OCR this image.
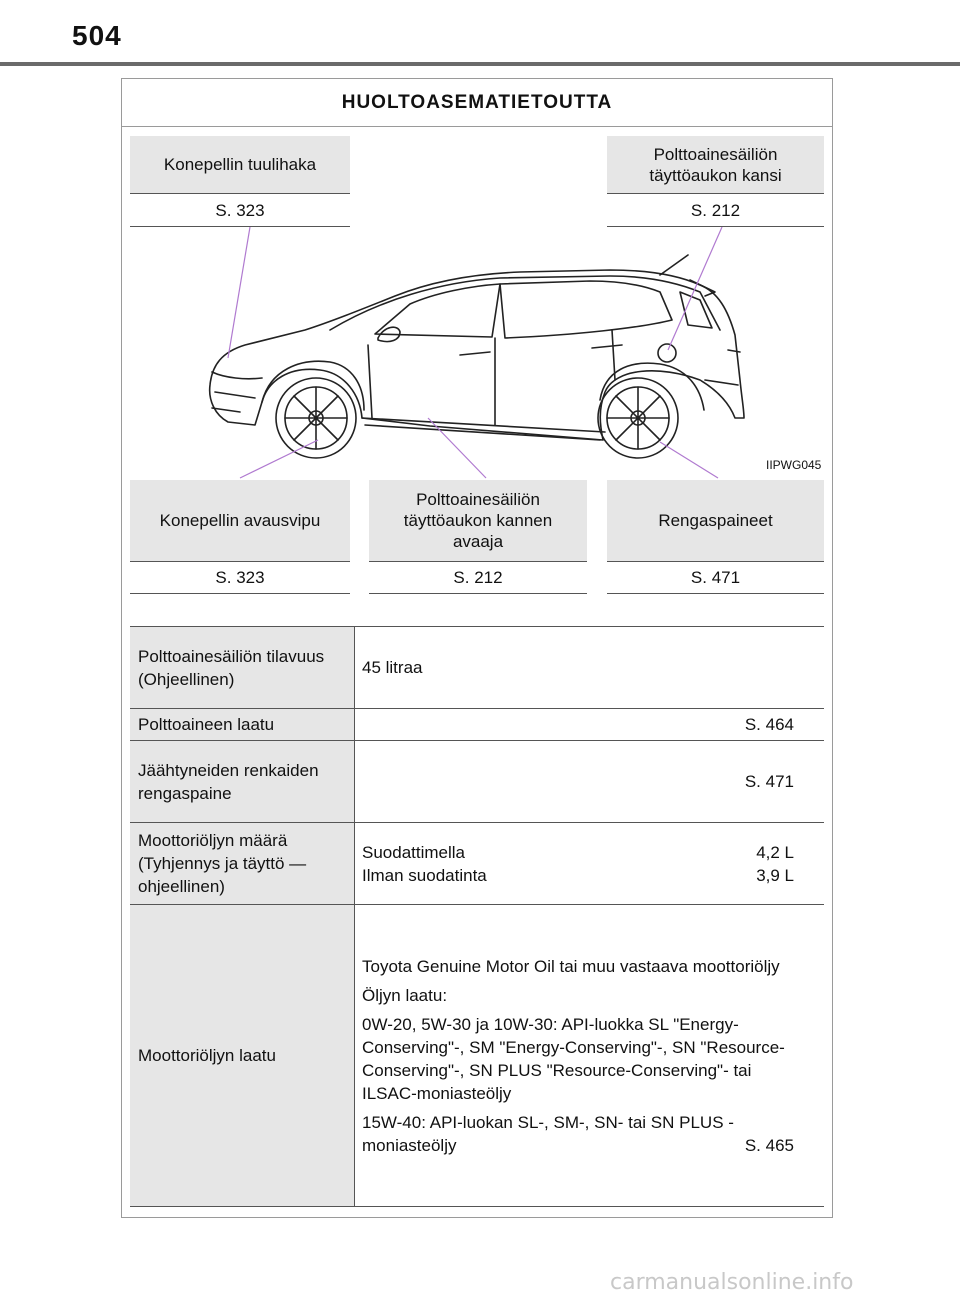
504
HUOLTOASEMATIETOUTTA
IIPWG045
Konepellin tuulihaka
S. 323
Polttoainesäiliön täyttöaukon kansi
S. 212
Konepellin avausvipu
S. 323
Polttoainesäiliön täyttöaukon kannen avaaja
S. 212
Rengaspaineet
S. 471
Polttoainesäiliön tilavuus (Ohjeellinen)	45 litraa
Polttoaineen laatu	S. 464
Jäähtyneiden renkaiden rengaspaine	S. 471
Moottoriöljyn määrä (Tyhjennys ja täyttö — ohjeellinen)	Suodattimella 4,2 L
Ilman suodatinta 3,9 L

Moottoriöljyn laatu	Toyota Genuine Motor Oil tai muu vastaava moottoriöljy
Öljyn laatu:
0W-20, 5W-30 ja 10W-30: API-luokka SL "Energy-Conserving"-, SM "Energy-Conserving"-, SN "Resource-Conserving"-, SN PLUS "Resource-Conserving"- tai ILSAC-moniasteöljy
15W-40: API-luokan SL-, SM-, SN- tai SN PLUS -moniasteöljy S. 465
carmanualsonline.info
